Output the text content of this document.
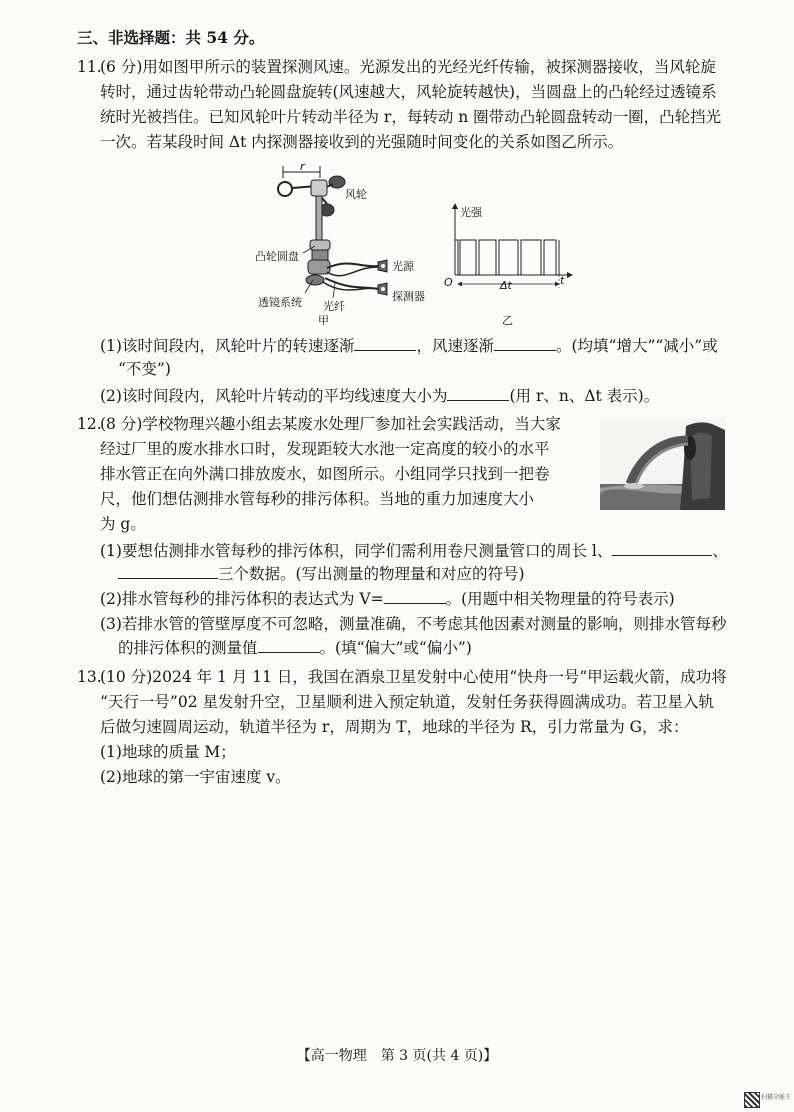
三、非选择题：共 54 分。
11.
(6 分)用如图甲所示的装置探测风速。光源发出的光经光纤传输，被探测器接收，当风轮旋
转时，通过齿轮带动凸轮圆盘旋转(风速越大，风轮旋转越快)，当圆盘上的凸轮经过透镜系
统时光被挡住。已知风轮叶片转动半径为 r，每转动 n 圈带动凸轮圆盘转动一圈，凸轮挡光
一次。若某段时间 Δt 内探测器接收到的光强随时间变化的关系如图乙所示。
r
风轮
凸轮圆盘
光源
透镜系统 光纤
探测器
甲
光强
O	Δt	t
乙
(1)该时间段内，风轮叶片的转速逐渐	，风速逐渐	。(均填“增大”“减小”或
“不变”)
(2)该时间段内，风轮叶片转动的平均线速度大小为	(用 r、n、Δt 表示)。
12.
(8 分)学校物理兴趣小组去某废水处理厂参加社会实践活动，当大家
经过厂里的废水排水口时，发现距较大水池一定高度的较小的水平
排水管正在向外满口排放废水，如图所示。小组同学只找到一把卷
尺，他们想估测排水管每秒的排污体积。当地的重力加速度大小
为 g。
(1)要想估测排水管每秒的排污体积，同学们需利用卷尺测量管口的周长 l、	、
三个数据。(写出测量的物理量和对应的符号)
(2)排水管每秒的排污体积的表达式为 V=	。(用题中相关物理量的符号表示)
(3)若排水管的管壁厚度不可忽略，测量准确，不考虑其他因素对测量的影响，则排水管每秒
的排污体积的测量值	。(填“偏大”或“偏小”)
13.
(10 分)2024 年 1 月 11 日，我国在酒泉卫星发射中心使用“快舟一号”甲运载火箭，成功将
“天行一号”02 星发射升空，卫星顺利进入预定轨道，发射任务获得圆满成功。若卫星入轨
后做匀速圆周运动，轨道半径为 r，周期为 T，地球的半径为 R，引力常量为 G，求：
(1)地球的质量 M；
(2)地球的第一宇宙速度 v。
【高一物理　第 3 页(共 4 页)】
扫描全能王
